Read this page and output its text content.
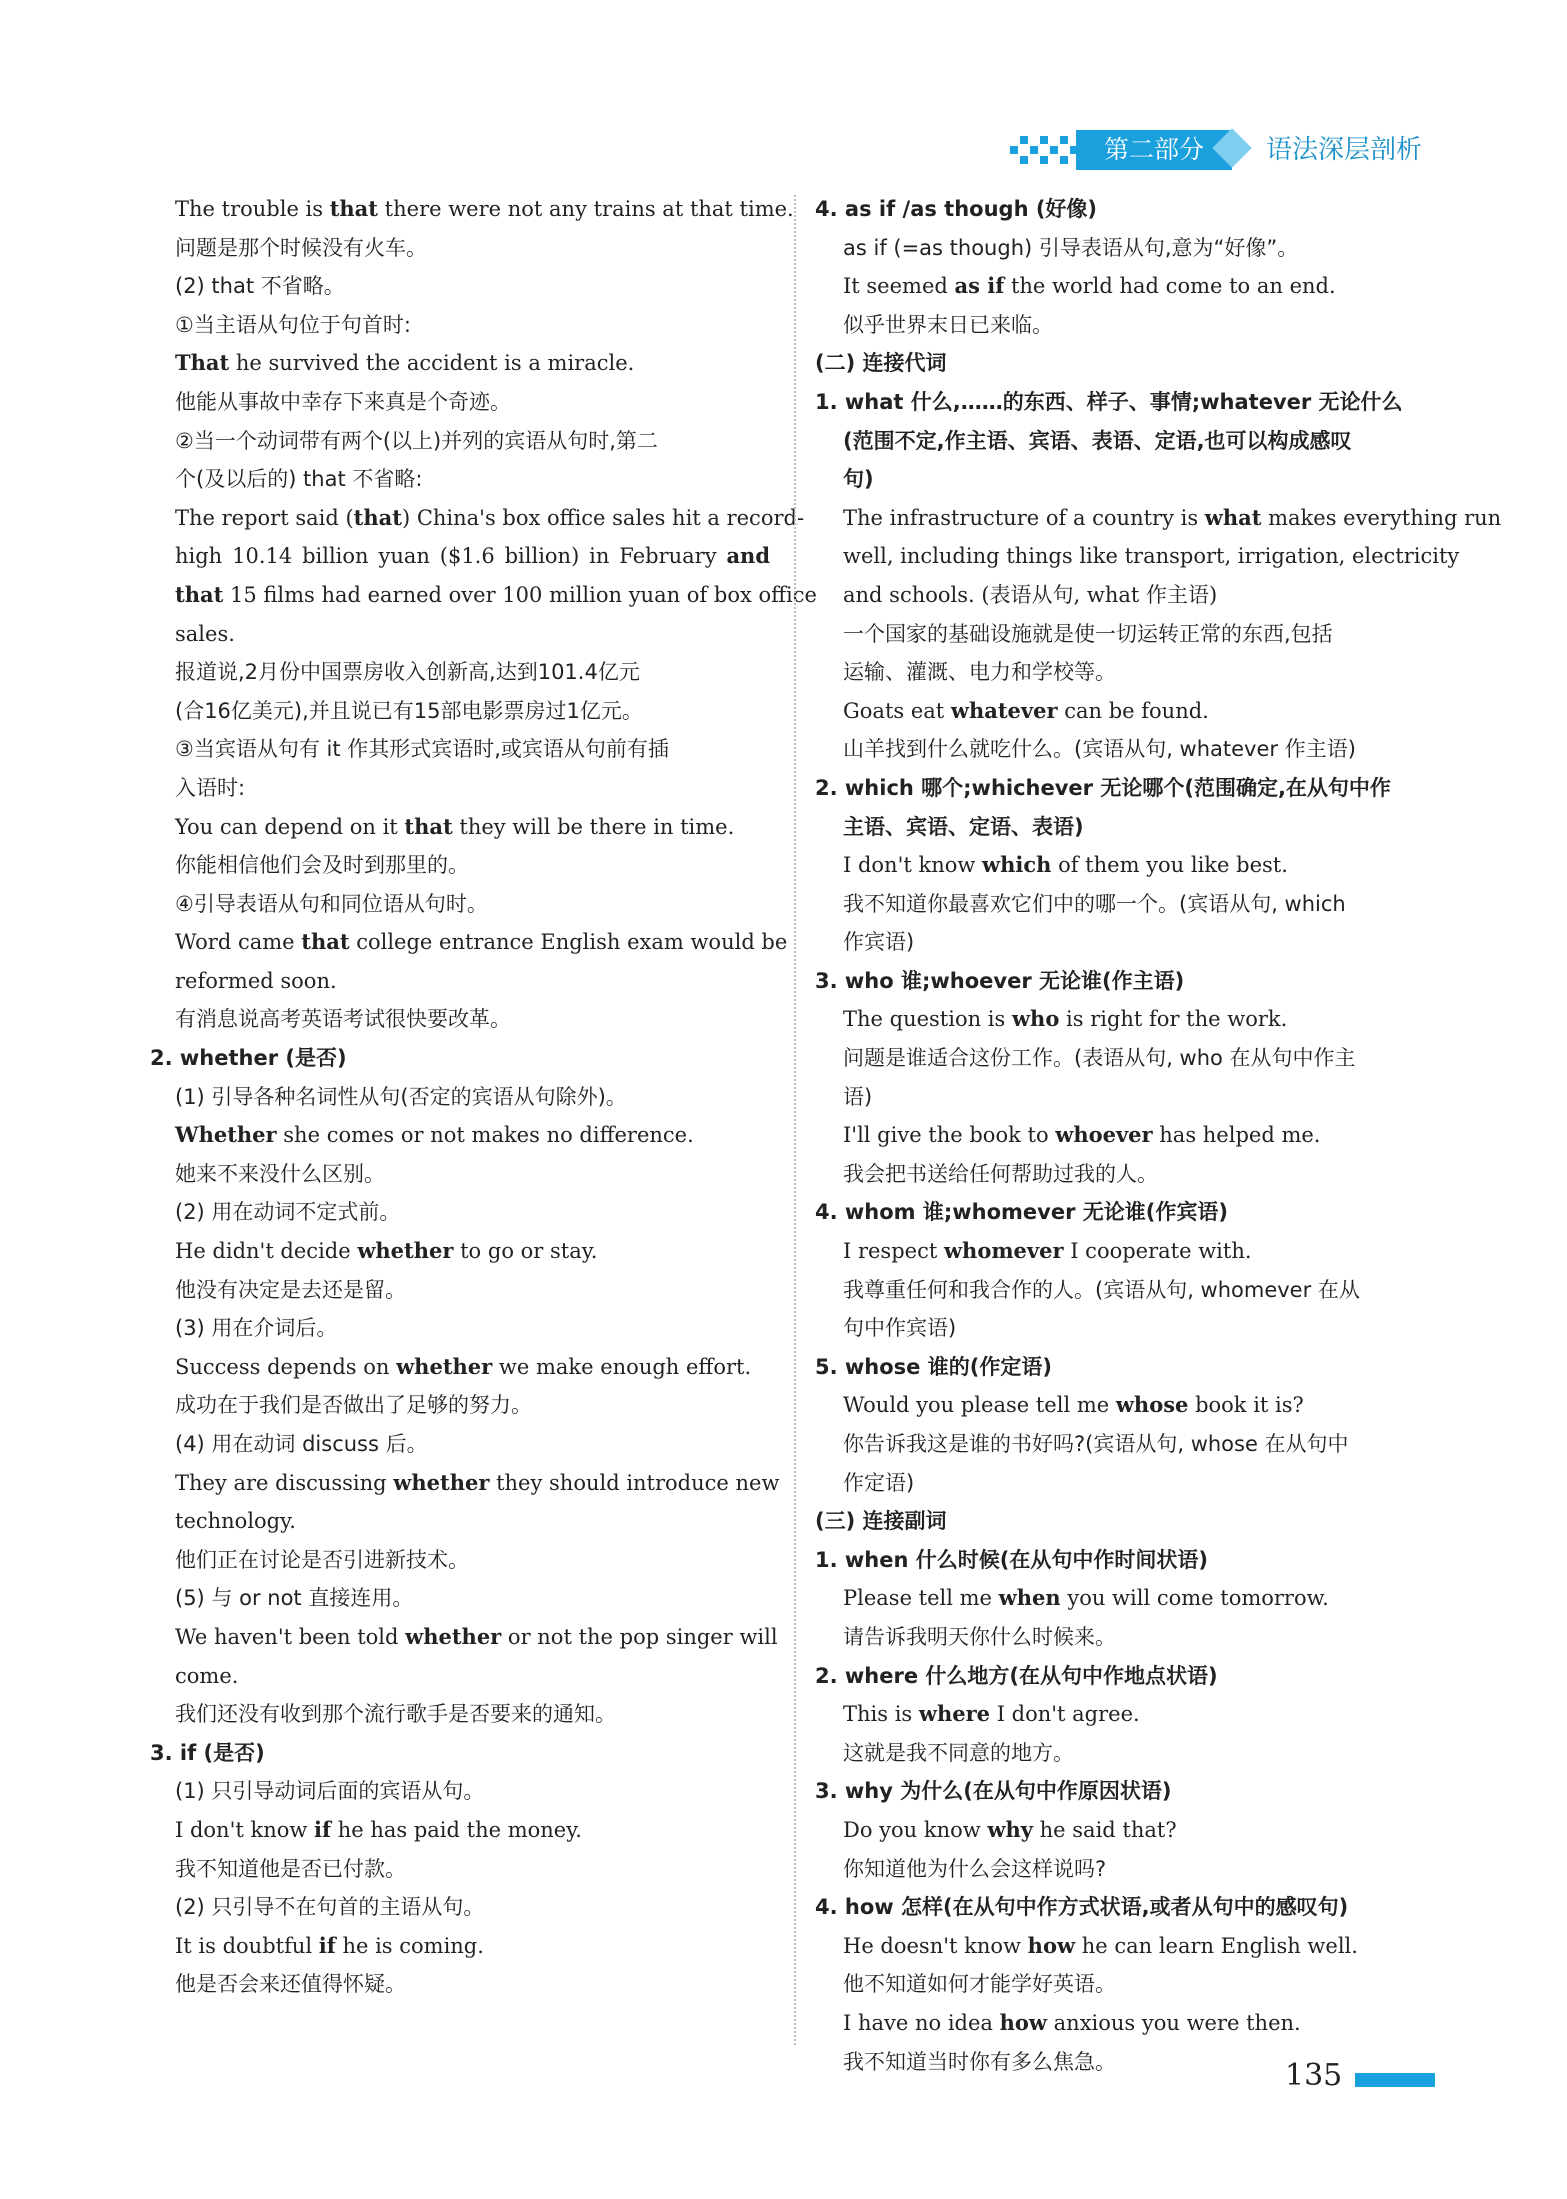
第二部分	语法深层剖析
The trouble is that there were not any trains at that time.
问题是那个时候没有火车。
(2) that 不省略。
①当主语从句位于句首时:
That he survived the accident is a miracle.
他能从事故中幸存下来真是个奇迹。
②当一个动词带有两个(以上)并列的宾语从句时,第二
个(及以后的) that 不省略:
The report said (that) China's box office sales hit a record-
high 10.14 billion yuan ($1.6 billion) in February and
that 15 films had earned over 100 million yuan of box office
sales.
报道说,2月份中国票房收入创新高,达到101.4亿元
(合16亿美元),并且说已有15部电影票房过1亿元。
③当宾语从句有 it 作其形式宾语时,或宾语从句前有插
入语时:
You can depend on it that they will be there in time.
你能相信他们会及时到那里的。
④引导表语从句和同位语从句时。
Word came that college entrance English exam would be
reformed soon.
有消息说高考英语考试很快要改革。
2. whether (是否)
(1) 引导各种名词性从句(否定的宾语从句除外)。
Whether she comes or not makes no difference.
她来不来没什么区别。
(2) 用在动词不定式前。
He didn't decide whether to go or stay.
他没有决定是去还是留。
(3) 用在介词后。
Success depends on whether we make enough effort.
成功在于我们是否做出了足够的努力。
(4) 用在动词 discuss 后。
They are discussing whether they should introduce new
technology.
他们正在讨论是否引进新技术。
(5) 与 or not 直接连用。
We haven't been told whether or not the pop singer will
come.
我们还没有收到那个流行歌手是否要来的通知。
3. if (是否)
(1) 只引导动词后面的宾语从句。
I don't know if he has paid the money.
我不知道他是否已付款。
(2) 只引导不在句首的主语从句。
It is doubtful if he is coming.
他是否会来还值得怀疑。
4. as if /as though (好像)
as if (=as though) 引导表语从句,意为“好像”。
It seemed as if the world had come to an end.
似乎世界末日已来临。
(二) 连接代词
1. what 什么,……的东西、样子、事情;whatever 无论什么
(范围不定,作主语、宾语、表语、定语,也可以构成感叹
句)
The infrastructure of a country is what makes everything run
well, including things like transport, irrigation, electricity
and schools. (表语从句, what 作主语)
一个国家的基础设施就是使一切运转正常的东西,包括
运输、灌溉、电力和学校等。
Goats eat whatever can be found.
山羊找到什么就吃什么。(宾语从句, whatever 作主语)
2. which 哪个;whichever 无论哪个(范围确定,在从句中作
主语、宾语、定语、表语)
I don't know which of them you like best.
我不知道你最喜欢它们中的哪一个。(宾语从句, which
作宾语)
3. who 谁;whoever 无论谁(作主语)
The question is who is right for the work.
问题是谁适合这份工作。(表语从句, who 在从句中作主
语)
I'll give the book to whoever has helped me.
我会把书送给任何帮助过我的人。
4. whom 谁;whomever 无论谁(作宾语)
I respect whomever I cooperate with.
我尊重任何和我合作的人。(宾语从句, whomever 在从
句中作宾语)
5. whose 谁的(作定语)
Would you please tell me whose book it is?
你告诉我这是谁的书好吗?(宾语从句, whose 在从句中
作定语)
(三) 连接副词
1. when 什么时候(在从句中作时间状语)
Please tell me when you will come tomorrow.
请告诉我明天你什么时候来。
2. where 什么地方(在从句中作地点状语)
This is where I don't agree.
这就是我不同意的地方。
3. why 为什么(在从句中作原因状语)
Do you know why he said that?
你知道他为什么会这样说吗?
4. how 怎样(在从句中作方式状语,或者从句中的感叹句)
He doesn't know how he can learn English well.
他不知道如何才能学好英语。
I have no idea how anxious you were then.
我不知道当时你有多么焦急。	135
